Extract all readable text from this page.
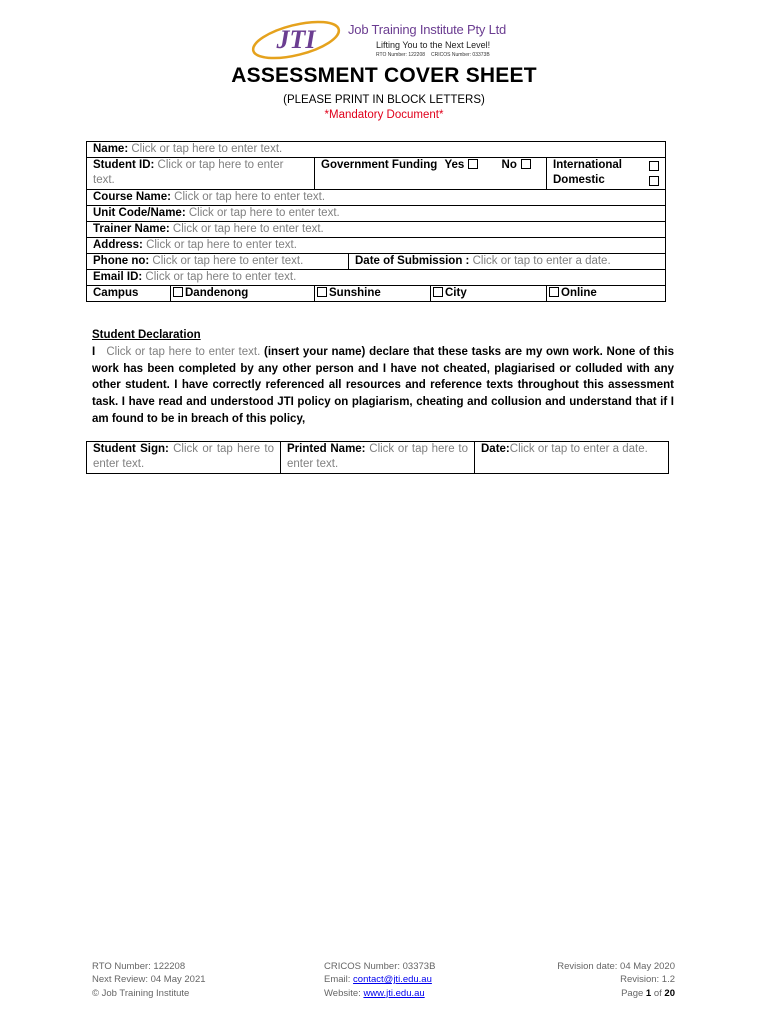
JTI	Job Training Institute Pty Ltd
Lifting You to the Next Level!
RTO Number: 122208 CRICOS Number: 03373B
ASSESSMENT COVER SHEET
(PLEASE PRINT IN BLOCK LETTERS)
*Mandatory Document*
Name: Click or tap here to enter text.					
Student ID: Click or tap here to enter text.		Government Funding Yes No			International
Domestic

Course Name: Click or tap here to enter text.					
Unit Code/Name: Click or tap here to enter text.					
Trainer Name: Click or tap here to enter text.					
Address: Click or tap here to enter text.					
Phone no: Click or tap here to enter text.			Date of Submission : Click or tap to enter a date.		
Email ID: Click or tap here to enter text.					
Campus	Dandenong	Sunshine		City	Online
Student Declaration
I Click or tap here to enter text. (insert your name) declare that these tasks are my own work. None of this work has been completed by any other person and I have not cheated, plagiarised or colluded with any other student. I have correctly referenced all resources and reference texts throughout this assessment task. I have read and understood JTI policy on plagiarism, cheating and collusion and understand that if I am found to be in breach of this policy,
Student Sign: Click or tap here to enter text.	Printed Name: Click or tap here to enter text.	Date:Click or tap to enter a date.
RTO Number: 122208
Next Review: 04 May 2021
© Job Training Institute
CRICOS Number: 03373B
Email: contact@jti.edu.au
Website: www.jti.edu.au
Revision date: 04 May 2020
Revision: 1.2
Page 1 of 20
